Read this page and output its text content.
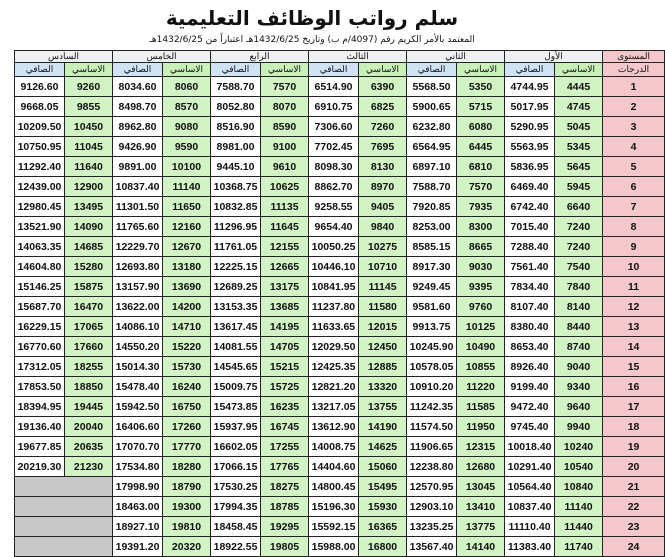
سلم رواتب الوظائف التعليمية
المعتمد بالأمر الكريم رقم (4097/م ب) وتاريخ 1432/6/25هـ اعتباراً من 1432/6/25هـ
السادس		الخامس		الرابع		الثالث		الثاني		الأول		المستوى
الصافي	الاساسي	الصافي	الاساسي	الصافي	الاساسي	الصافي	الاساسي	الصافي	الاساسي	الصافي	الاساسي	الدرجات
9126.60	9260	8034.60	8060	7588.70	7570	6514.90	6390	5568.50	5350	4744.95	4445	1
9668.05	9855	8498.70	8570	8052.80	8070	6910.75	6825	5900.65	5715	5017.95	4745	2
10209.50	10450	8962.80	9080	8516.90	8590	7306.60	7260	6232.80	6080	5290.95	5045	3
10750.95	11045	9426.90	9590	8981.00	9100	7702.45	7695	6564.95	6445	5563.95	5345	4
11292.40	11640	9891.00	10100	9445.10	9610	8098.30	8130	6897.10	6810	5836.95	5645	5
12439.00	12900	10837.40	11140	10368.75	10625	8862.70	8970	7588.70	7570	6469.40	5945	6
12980.45	13495	11301.50	11650	10832.85	11135	9258.55	9405	7920.85	7935	6742.40	6640	7
13521.90	14090	11765.60	12160	11296.95	11645	9654.40	9840	8253.00	8300	7015.40	7240	8
14063.35	14685	12229.70	12670	11761.05	12155	10050.25	10275	8585.15	8665	7288.40	7240	9
14604.80	15280	12693.80	13180	12225.15	12665	10446.10	10710	8917.30	9030	7561.40	7540	10
15146.25	15875	13157.90	13690	12689.25	13175	10841.95	11145	9249.45	9395	7834.40	7840	11
15687.70	16470	13622.00	14200	13153.35	13685	11237.80	11580	9581.60	9760	8107.40	8140	12
16229.15	17065	14086.10	14710	13617.45	14195	11633.65	12015	9913.75	10125	8380.40	8440	13
16770.60	17660	14550.20	15220	14081.55	14705	12029.50	12450	10245.90	10490	8653.40	8740	14
17312.05	18255	15014.30	15730	14545.65	15215	12425.35	12885	10578.05	10855	8926.40	9040	15
17853.50	18850	15478.40	16240	15009.75	15725	12821.20	13320	10910.20	11220	9199.40	9340	16
18394.95	19445	15942.50	16750	15473.85	16235	13217.05	13755	11242.35	11585	9472.40	9640	17
19136.40	20040	16406.60	17260	15937.95	16745	13612.90	14190	11574.50	11950	9745.40	9940	18
19677.85	20635	17070.70	17770	16602.05	17255	14008.75	14625	11906.65	12315	10018.40	10240	19
20219.30	21230	17534.80	18280	17066.15	17765	14404.60	15060	12238.80	12680	10291.40	10540	20
		17998.90	18790	17530.25	18275	14800.45	15495	12570.95	13045	10564.40	10840	21
		18463.00	19300	17994.35	18785	15196.30	15930	12903.10	13410	10837.40	11140	22
		18927.10	19810	18458.45	19295	15592.15	16365	13235.25	13775	11110.40	11440	23
		19391.20	20320	18922.55	19805	15988.00	16800	13567.40	14140	11383.40	11740	24
